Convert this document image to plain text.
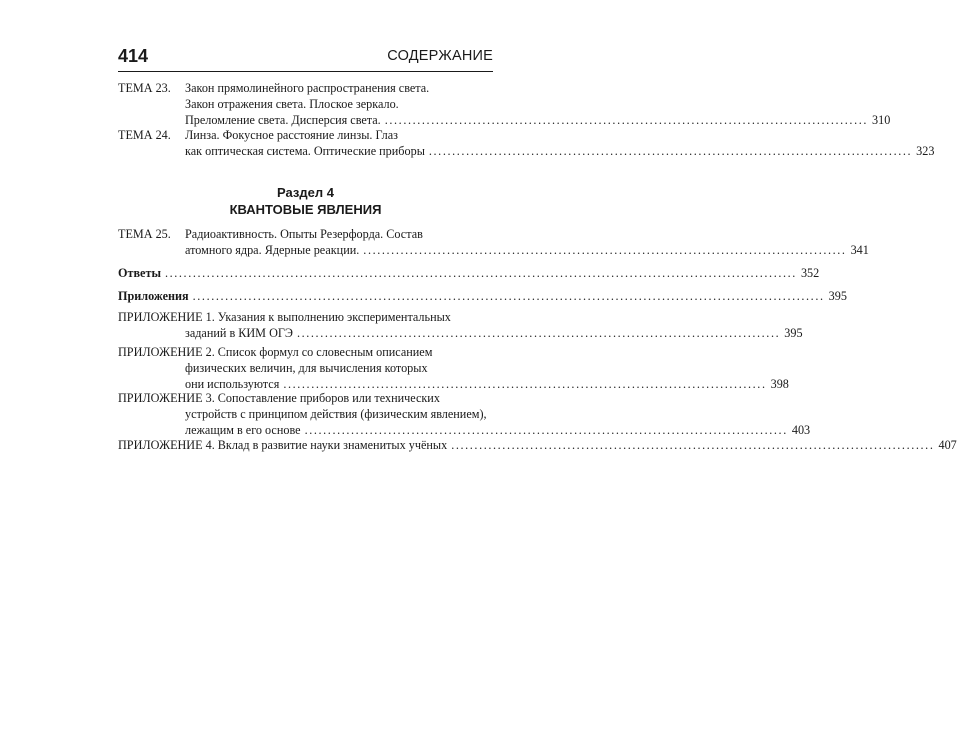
414	СОДЕРЖАНИЕ
ТЕМА 23. Закон прямолинейного распространения света.
Закон отражения света. Плоское зеркало.
Преломление света. Дисперсия света. ........................................................................................................ 310
ТЕМА 24. Линза. Фокусное расстояние линзы. Глаз
как оптическая система. Оптические приборы ........................................................................................................ 323
Раздел 4
КВАНТОВЫЕ ЯВЛЕНИЯ
ТЕМА 25. Радиоактивность. Опыты Резерфорда. Состав
атомного ядра. Ядерные реакции. ........................................................................................................ 341
Ответы ........................................................................................................................................ 352
Приложения ........................................................................................................................................ 395
ПРИЛОЖЕНИЕ 1. Указания к выполнению экспериментальных
заданий в КИМ ОГЭ ........................................................................................................ 395
ПРИЛОЖЕНИЕ 2. Список формул со словесным описанием
физических величин, для вычисления которых
они используются ........................................................................................................ 398
ПРИЛОЖЕНИЕ 3. Сопоставление приборов или технических
устройств с принципом действия (физическим явлением),
лежащим в его основе ........................................................................................................ 403
ПРИЛОЖЕНИЕ 4. Вклад в развитие науки знаменитых учёных ........................................................................................................ 407
